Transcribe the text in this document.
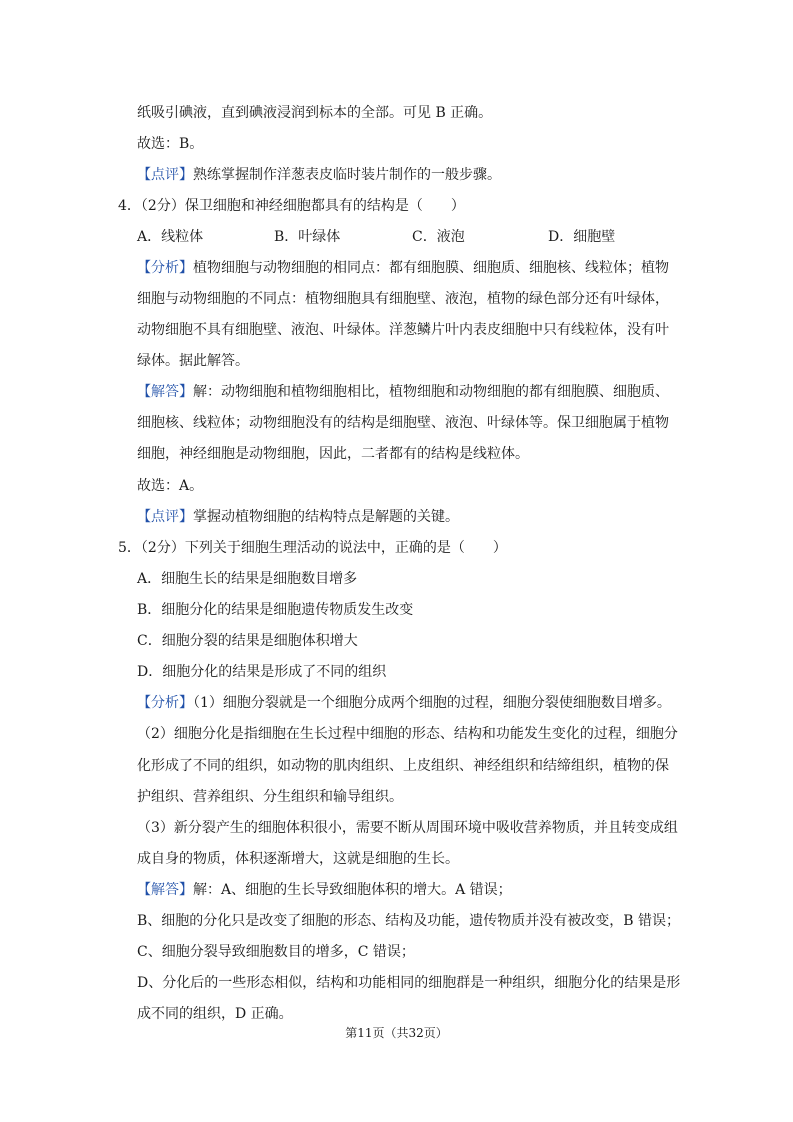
纸吸引碘液，直到碘液浸润到标本的全部。可见 B 正确。
故选：B。
【点评】熟练掌握制作洋葱表皮临时装片制作的一般步骤。
4．（2分）保卫细胞和神经细胞都具有的结构是（　　）
A．线粒体	B．叶绿体	C．液泡	D．细胞壁
【分析】植物细胞与动物细胞的相同点：都有细胞膜、细胞质、细胞核、线粒体；植物
细胞与动物细胞的不同点：植物细胞具有细胞壁、液泡，植物的绿色部分还有叶绿体，
动物细胞不具有细胞壁、液泡、叶绿体。洋葱鳞片叶内表皮细胞中只有线粒体，没有叶
绿体。据此解答。
【解答】解：动物细胞和植物细胞相比，植物细胞和动物细胞的都有细胞膜、细胞质、
细胞核、线粒体；动物细胞没有的结构是细胞壁、液泡、叶绿体等。保卫细胞属于植物
细胞，神经细胞是动物细胞，因此，二者都有的结构是线粒体。
故选：A。
【点评】掌握动植物细胞的结构特点是解题的关键。
5．（2分）下列关于细胞生理活动的说法中，正确的是（　　）
A．细胞生长的结果是细胞数目增多
B．细胞分化的结果是细胞遗传物质发生改变
C．细胞分裂的结果是细胞体积增大
D．细胞分化的结果是形成了不同的组织
【分析】（1）细胞分裂就是一个细胞分成两个细胞的过程，细胞分裂使细胞数目增多。
（2）细胞分化是指细胞在生长过程中细胞的形态、结构和功能发生变化的过程，细胞分
化形成了不同的组织，如动物的肌肉组织、上皮组织、神经组织和结缔组织，植物的保
护组织、营养组织、分生组织和输导组织。
（3）新分裂产生的细胞体积很小，需要不断从周围环境中吸收营养物质，并且转变成组
成自身的物质，体积逐渐增大，这就是细胞的生长。
【解答】解：A、细胞的生长导致细胞体积的增大。A 错误；
B、细胞的分化只是改变了细胞的形态、结构及功能，遗传物质并没有被改变，B 错误；
C、细胞分裂导致细胞数目的增多，C 错误；
D、分化后的一些形态相似，结构和功能相同的细胞群是一种组织，细胞分化的结果是形
成不同的组织，D 正确。
第11页（共32页）
